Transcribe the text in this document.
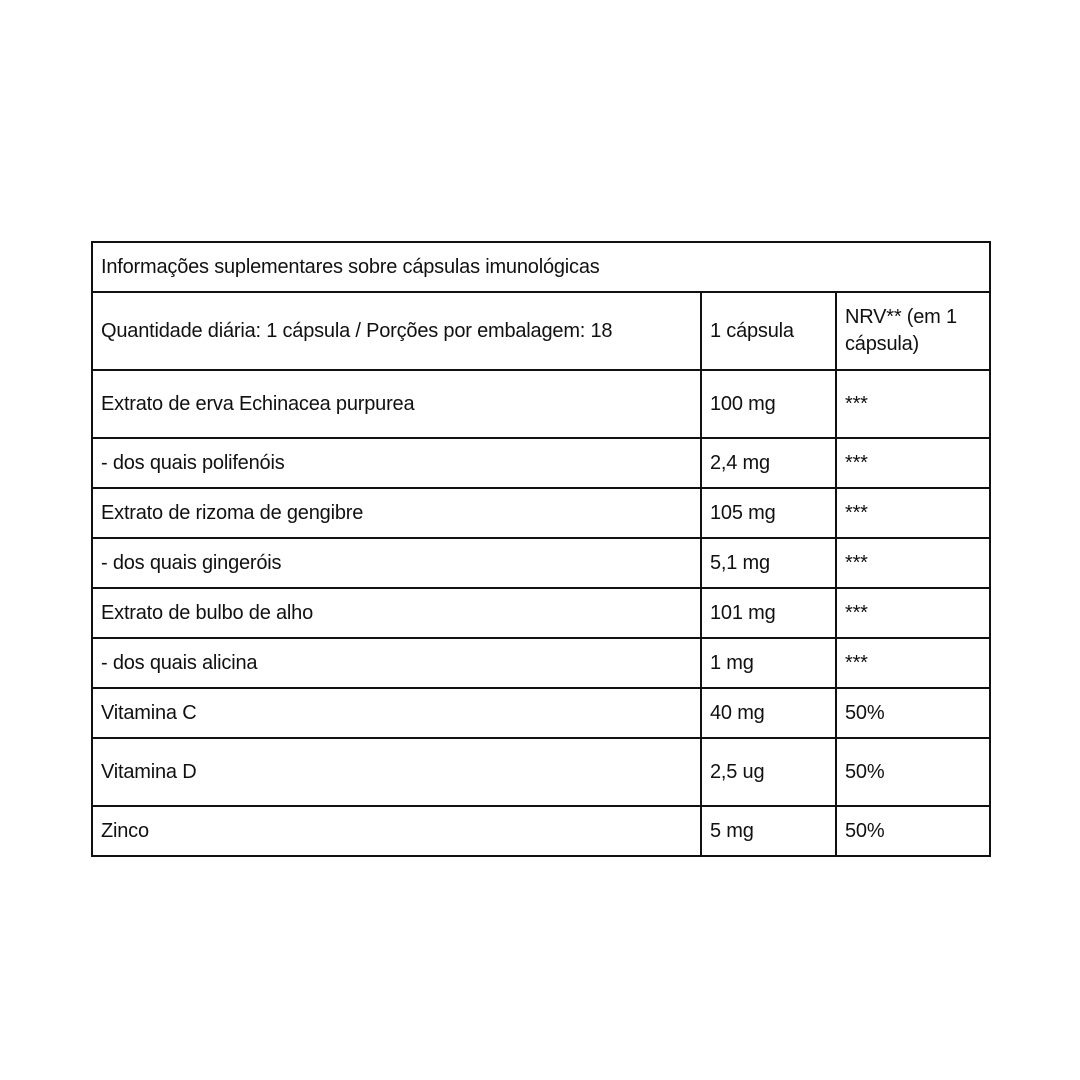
Informações suplementares sobre cápsulas imunológicas		
Quantidade diária: 1 cápsula / Porções por embalagem: 18	1 cápsula	NRV** (em 1 cápsula)
Extrato de erva Echinacea purpurea	100 mg	***
- dos quais polifenóis	2,4 mg	***
Extrato de rizoma de gengibre	105 mg	***
- dos quais gingeróis	5,1 mg	***
Extrato de bulbo de alho	101 mg	***
- dos quais alicina	1 mg	***
Vitamina C	40 mg	50%
Vitamina D	2,5 ug	50%
Zinco	5 mg	50%
